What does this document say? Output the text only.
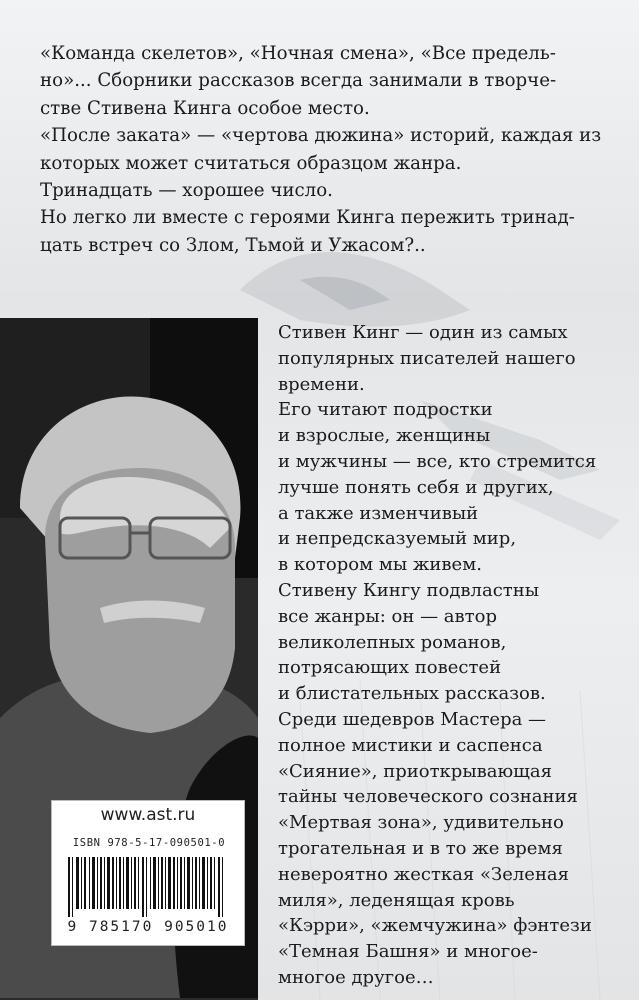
«Команда скелетов», «Ночная смена», «Все предель-
но»... Сборники рассказов всегда занимали в творче-
стве Стивена Кинга особое место.
«После заката» — «чертова дюжина» историй, каждая из
которых может считаться образцом жанра.
Тринадцать — хорошее число.
Но легко ли вместе с героями Кинга пережить тринад-
цать встреч со Злом, Тьмой и Ужасом?..
Стивен Кинг — один из самых
популярных писателей нашего
времени.
Его читают подростки
и взрослые, женщины
и мужчины — все, кто стремится
лучше понять себя и других,
а также изменчивый
и непредсказуемый мир,
в котором мы живем.
Стивену Кингу подвластны
все жанры: он — автор
великолепных романов,
потрясающих повестей
и блистательных рассказов.
Среди шедевров Мастера —
полное мистики и саспенса
«Сияние», приоткрывающая
тайны человеческого сознания
«Мертвая зона», удивительно
трогательная и в то же время
невероятно жесткая «Зеленая
миля», леденящая кровь
«Кэрри», «жемчужина» фэнтези
«Темная Башня» и многое-
многое другое…
www.ast.ru
ISBN 978-5-17-090501-0
9 785170 905010
